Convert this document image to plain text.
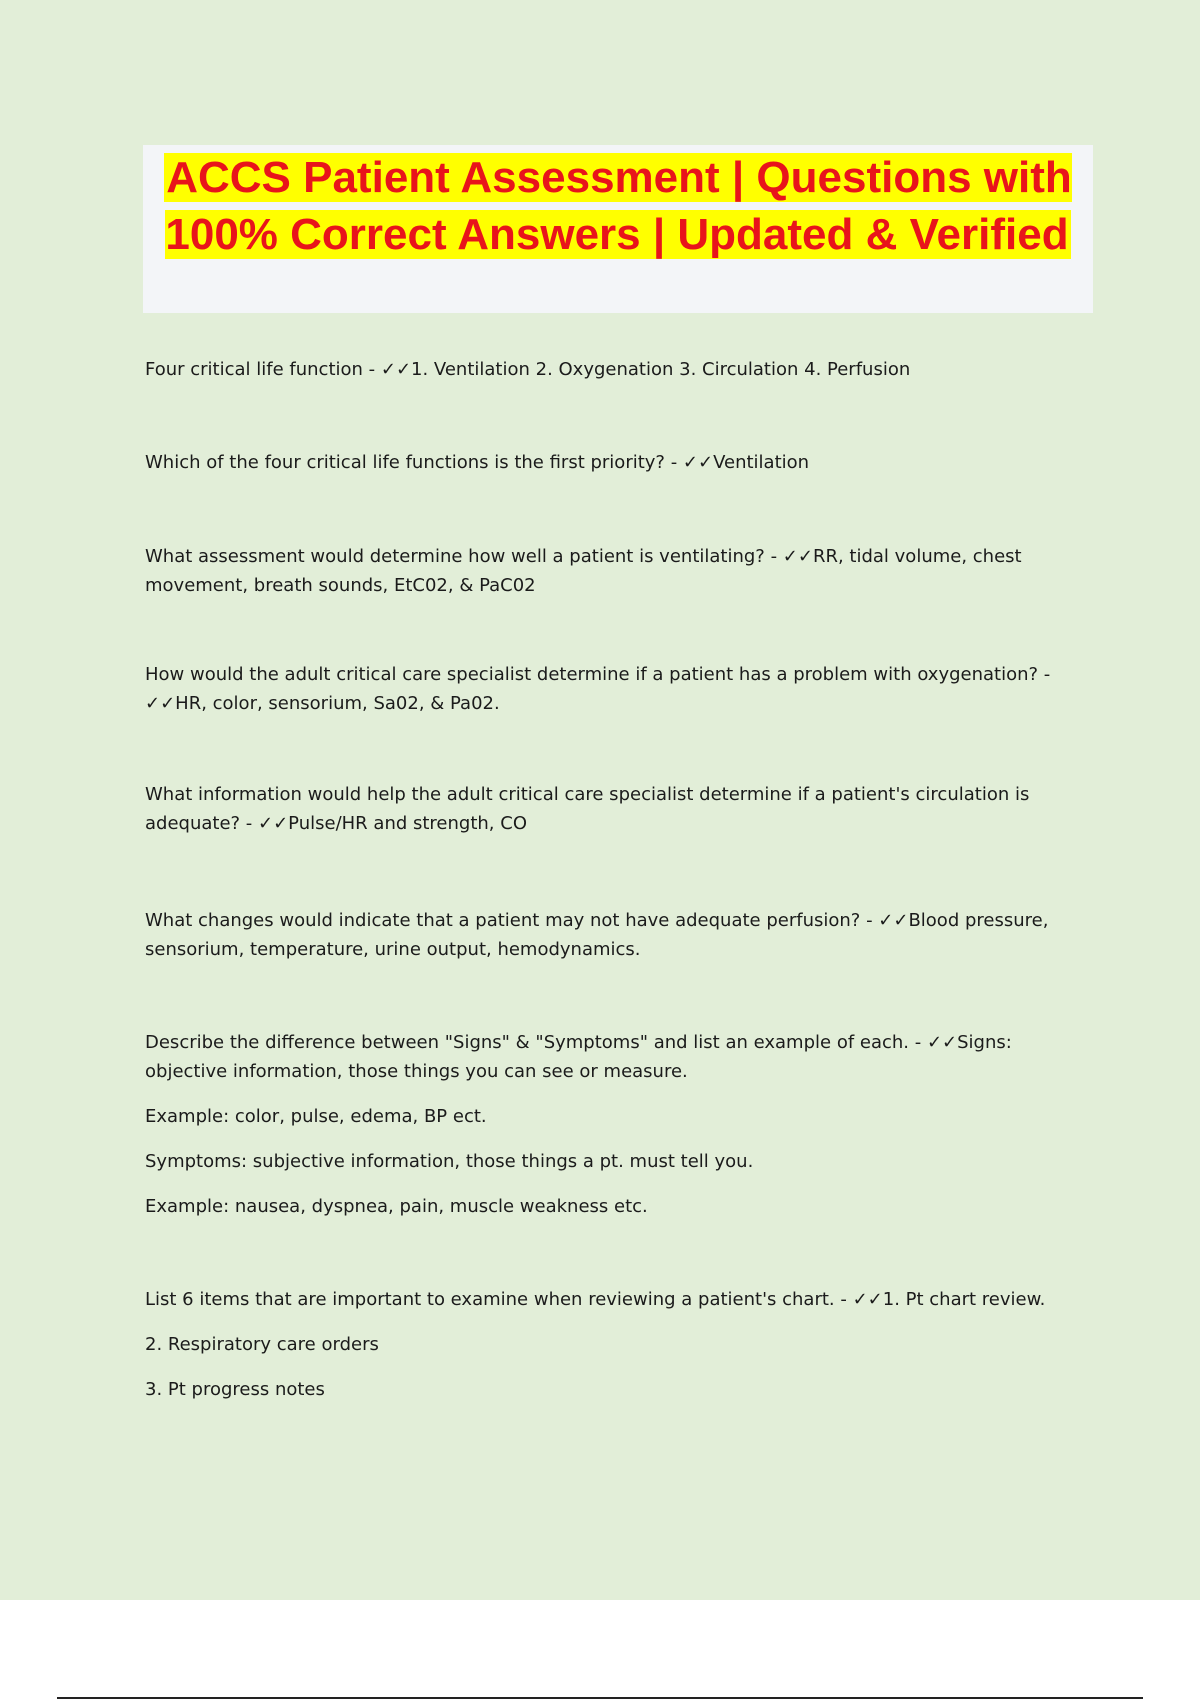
ACCS Patient Assessment | Questions with 100% Correct Answers | Updated & Verified

Four critical life function - ✓✓1. Ventilation 2. Oxygenation 3. Circulation 4. Perfusion

Which of the four critical life functions is the first priority? - ✓✓Ventilation

What assessment would determine how well a patient is ventilating? - ✓✓RR, tidal volume, chest movement, breath sounds, EtC02, & PaC02

How would the adult critical care specialist determine if a patient has a problem with oxygenation? - ✓✓HR, color, sensorium, Sa02, & Pa02.

What information would help the adult critical care specialist determine if a patient's circulation is adequate? - ✓✓Pulse/HR and strength, CO

What changes would indicate that a patient may not have adequate perfusion? - ✓✓Blood pressure, sensorium, temperature, urine output, hemodynamics.

Describe the difference between "Signs" & "Symptoms" and list an example of each. - ✓✓Signs: objective information, those things you can see or measure.

Example: color, pulse, edema, BP ect.

Symptoms: subjective information, those things a pt. must tell you.

Example: nausea, dyspnea, pain, muscle weakness etc.

List 6 items that are important to examine when reviewing a patient's chart. - ✓✓1. Pt chart review.

2. Respiratory care orders

3. Pt progress notes
